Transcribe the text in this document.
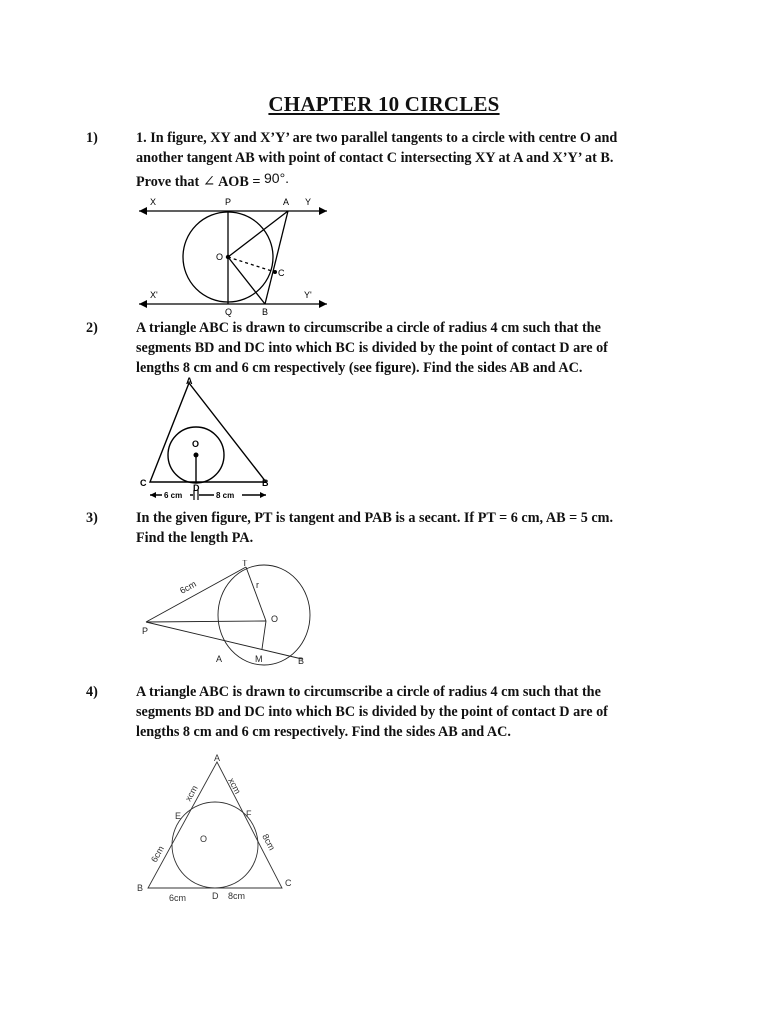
CHAPTER 10 CIRCLES
1)	1. In figure, XY and X’Y’ are two parallel tangents to a circle with centre O and
another tangent AB with point of contact C intersecting XY at A and X’Y’ at B.
Prove that ∠ AOB = 90°.
X	P	A Y
O
C
X'	Y'
Q	B
2)	A triangle ABC is drawn to circumscribe a circle of radius 4 cm such that the
segments BD and DC into which BC is divided by the point of contact D are of
lengths 8 cm and 6 cm respectively (see figure). Find the sides AB and AC.
A
O
C	D	B
6 cm	8 cm
3)	In the given figure, PT is tangent and PAB is a secant. If PT = 6 cm, AB = 5 cm.
Find the length PA.
T
r
6cm
O
P
A	M	B
4)	A triangle ABC is drawn to circumscribe a circle of radius 4 cm such that the
segments BD and DC into which BC is divided by the point of contact D are of
lengths 8 cm and 6 cm respectively. Find the sides AB and AC.
A
E	F
O
B	C
D
6cm	8cm
xcm	xcm
6cm
8cm
